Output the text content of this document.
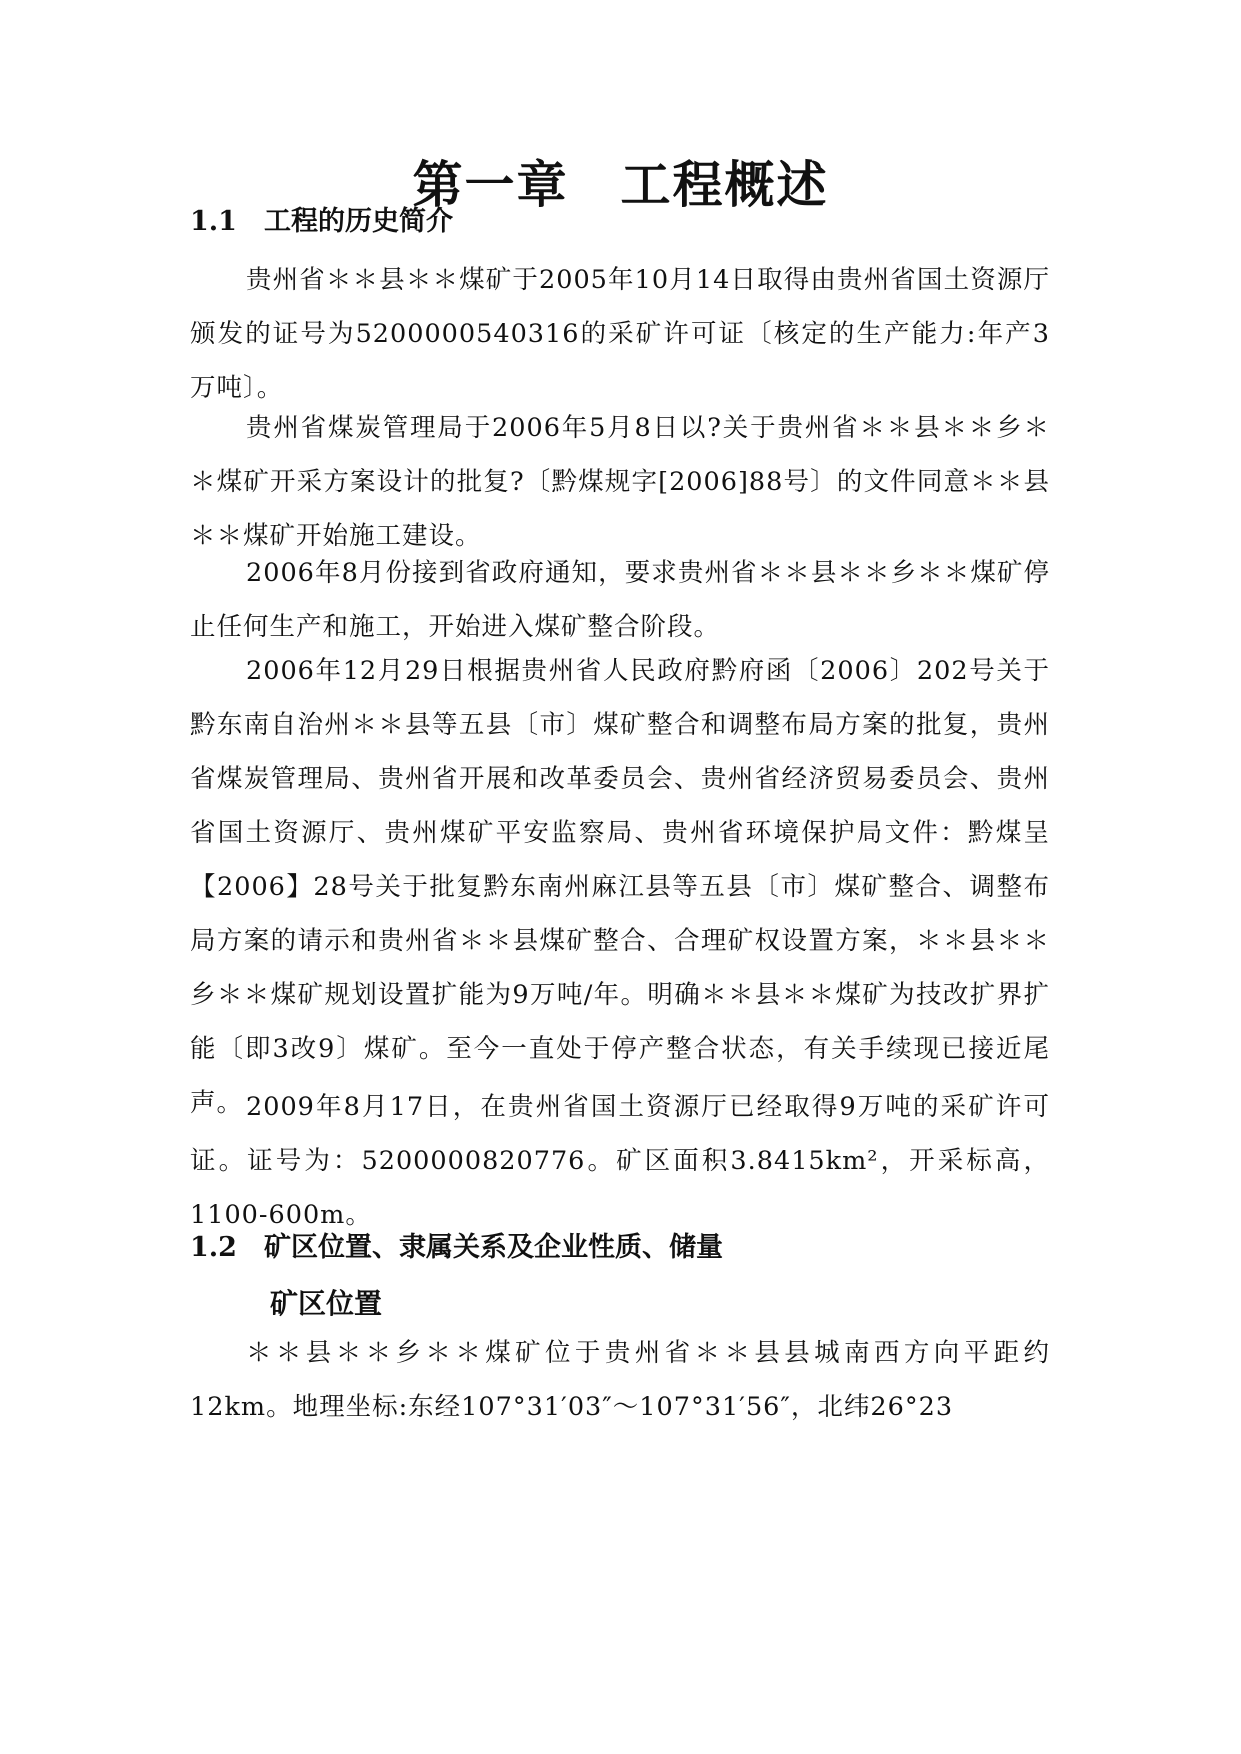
第一章　工程概述
1.1　工程的历史简介
贵州省＊＊县＊＊煤矿于2005年10月14日取得由贵州省国土资源厅颁发的证号为5200000540316的采矿许可证〔核定的生产能力:年产3万吨〕。
贵州省煤炭管理局于2006年5月8日以?关于贵州省＊＊县＊＊乡＊＊煤矿开采方案设计的批复?〔黔煤规字[2006]88号〕的文件同意＊＊县＊＊煤矿开始施工建设。
2006年8月份接到省政府通知，要求贵州省＊＊县＊＊乡＊＊煤矿停止任何生产和施工，开始进入煤矿整合阶段。
2006年12月29日根据贵州省人民政府黔府函〔2006〕202号关于黔东南自治州＊＊县等五县〔市〕煤矿整合和调整布局方案的批复，贵州省煤炭管理局、贵州省开展和改革委员会、贵州省经济贸易委员会、贵州省国土资源厅、贵州煤矿平安监察局、贵州省环境保护局文件：黔煤呈【2006】28号关于批复黔东南州麻江县等五县〔市〕煤矿整合、调整布局方案的请示和贵州省＊＊县煤矿整合、合理矿权设置方案，＊＊县＊＊乡＊＊煤矿规划设置扩能为9万吨/年。明确＊＊县＊＊煤矿为技改扩界扩能〔即3改9〕煤矿。至今一直处于停产整合状态，有关手续现已接近尾声。 2009年8月17日，在贵州省国土资源厅已经取得9万吨的采矿许可证。证号为：5200000820776。矿区面积3.8415km²，开采标高，1100-600m。
1.2　矿区位置、隶属关系及企业性质、储量
矿区位置
＊＊县＊＊乡＊＊煤矿位于贵州省＊＊县县城南西方向平距约12km。地理坐标:东经107°31′03″～107°31′56″，北纬26°23
